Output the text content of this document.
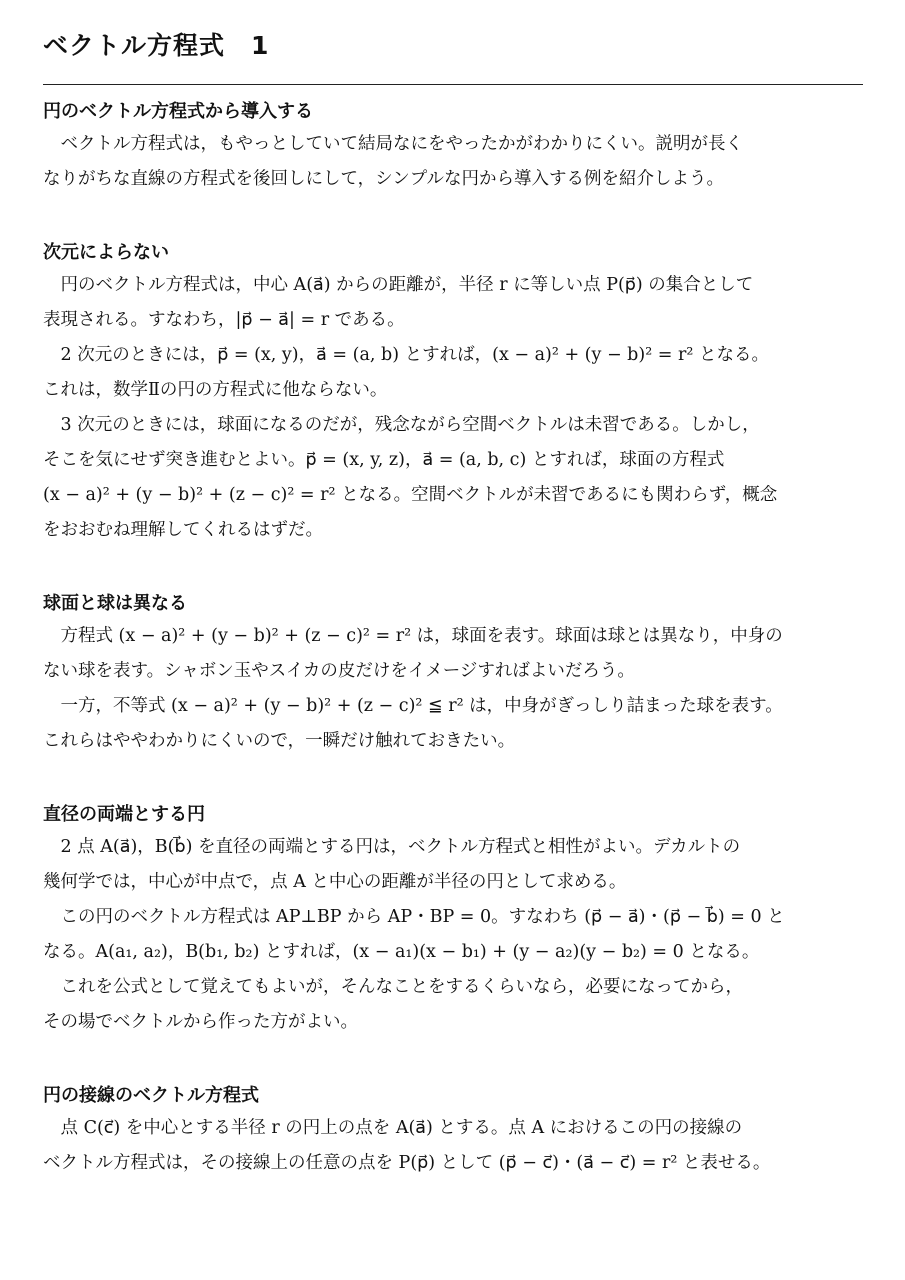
ベクトル方程式　1
円のベクトル方程式から導入する

　ベクトル方程式は，もやっとしていて結局なにをやったかがわかりにくい。説明が長く

なりがちな直線の方程式を後回しにして，シンプルな円から導入する例を紹介しよう。

次元によらない

　円のベクトル方程式は，中心 A(a⃗) からの距離が，半径 r に等しい点 P(p⃗) の集合として

表現される。すなわち，|p⃗ − a⃗| = r である。

　2 次元のときには，p⃗ = (x, y)，a⃗ = (a, b) とすれば，(x − a)² + (y − b)² = r² となる。

これは，数学Ⅱの円の方程式に他ならない。

　3 次元のときには，球面になるのだが，残念ながら空間ベクトルは未習である。しかし，

そこを気にせず突き進むとよい。p⃗ = (x, y, z)，a⃗ = (a, b, c) とすれば，球面の方程式

(x − a)² + (y − b)² + (z − c)² = r² となる。空間ベクトルが未習であるにも関わらず，概念

をおおむね理解してくれるはずだ。

球面と球は異なる

　方程式 (x − a)² + (y − b)² + (z − c)² = r² は，球面を表す。球面は球とは異なり，中身の

ない球を表す。シャボン玉やスイカの皮だけをイメージすればよいだろう。

　一方，不等式 (x − a)² + (y − b)² + (z − c)² ≦ r² は，中身がぎっしり詰まった球を表す。

これらはややわかりにくいので，一瞬だけ触れておきたい。

直径の両端とする円

　2 点 A(a⃗)，B(b⃗) を直径の両端とする円は，ベクトル方程式と相性がよい。デカルトの

幾何学では，中心が中点で，点 A と中心の距離が半径の円として求める。

　この円のベクトル方程式は AP⊥BP から AP・BP = 0。すなわち (p⃗ − a⃗)・(p⃗ − b⃗) = 0 と

なる。A(a₁, a₂)，B(b₁, b₂) とすれば，(x − a₁)(x − b₁) + (y − a₂)(y − b₂) = 0 となる。

　これを公式として覚えてもよいが，そんなことをするくらいなら，必要になってから，

その場でベクトルから作った方がよい。

円の接線のベクトル方程式

　点 C(c⃗) を中心とする半径 r の円上の点を A(a⃗) とする。点 A におけるこの円の接線の

ベクトル方程式は，その接線上の任意の点を P(p⃗) として (p⃗ − c⃗)・(a⃗ − c⃗) = r² と表せる。
